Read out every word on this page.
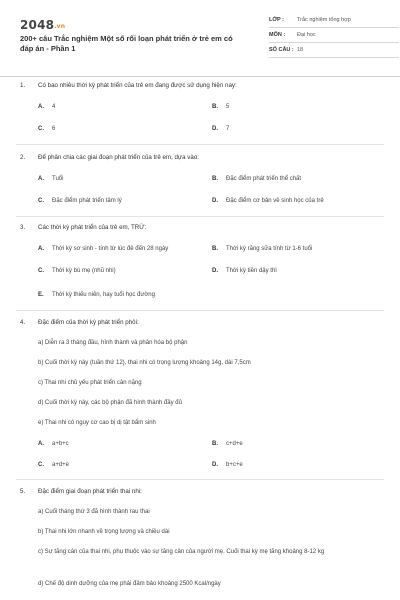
2048.vn
200+ câu Trắc nghiệm Một số rối loạn phát triển ở trẻ em có đáp án - Phần 1
LỚP :	Trắc nghiệm tổng hợp
MÔN :	Đại học
SỐ CÂU : 18
1. Có bao nhiêu thời kỳ phát triển của trẻ em đang được sử dụng hiện nay:
A. 4	B. 5
C. 6	D. 7
2. Để phân chia các giai đoạn phát triển của trẻ em, dựa vào:
A. Tuổi	B. Đặc điểm phát triển thể chất
C. Đặc điểm phát triển tâm lý	D. Đặc điểm cơ bản về sinh học của trẻ
3. Các thời kỳ phát triển của trẻ em, TRỪ:
A. Thời kỳ sơ sinh - tính từ lúc đẻ đến 28 ngày	B. Thời kỳ răng sữa tính từ 1-6 tuổi
C. Thời kỳ bú mẹ (nhũ nhi)	D. Thời kỳ tiền dậy thì
E. Thời kỳ thiếu niên, hay tuổi học đường
4. Đặc điểm của thời kỳ phát triển phôi:
a) Diễn ra 3 tháng đầu, hình thành và phân hóa bộ phận
b) Cuối thời kỳ này (tuần thứ 12), thai nhi có trọng lượng khoảng 14g, dài 7,5cm
c) Thai nhi chủ yếu phát triển cân nặng
d) Cuối thời kỳ này, các bộ phận đã hình thành đầy đủ
e) Thai nhi có nguy cơ cao bị dị tật bẩm sinh
A. a+b+c	B. c+d+e
C. a+d+e	D. b+c+e
5. Đặc điểm giai đoạn phát triển thai nhi:
a) Cuối tháng thứ 3 đã hình thành rau thai
b) Thai nhi lớn nhanh về trọng lượng và chiều dài
c) Sự tăng cân của thai nhi, phụ thuộc vào sự tăng cân của người mẹ. Cuối thai kỳ mẹ tăng khoảng 8-12 kg
d) Chế độ dinh dưỡng của mẹ phải đảm bảo khoảng 2500 Kcal/ngày
